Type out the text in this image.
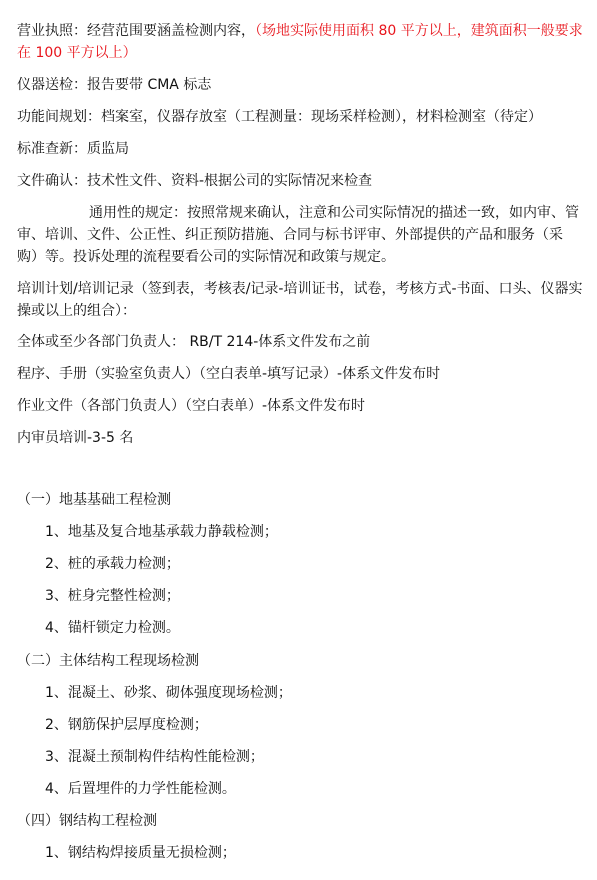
营业执照：经营范围要涵盖检测内容，（场地实际使用面积 80 平方以上，建筑面积一般要求在 100 平方以上）
仪器送检：报告要带 CMA 标志
功能间规划：档案室，仪器存放室（工程测量：现场采样检测），材料检测室（待定）
标准查新：质监局
文件确认：技术性文件、资料-根据公司的实际情况来检查
通用性的规定：按照常规来确认，注意和公司实际情况的描述一致，如内审、管审、培训、文件、公正性、纠正预防措施、合同与标书评审、外部提供的产品和服务（采购）等。投诉处理的流程要看公司的实际情况和政策与规定。
培训计划/培训记录（签到表，考核表/记录-培训证书，试卷，考核方式-书面、口头、仪器实操或以上的组合）：
全体或至少各部门负责人： RB/T 214-体系文件发布之前
程序、手册（实验室负责人）（空白表单-填写记录）-体系文件发布时
作业文件（各部门负责人）（空白表单）-体系文件发布时
内审员培训-3-5 名
（一）地基基础工程检测
1、地基及复合地基承载力静载检测；
2、桩的承载力检测；
3、桩身完整性检测；
4、锚杆锁定力检测。
（二）主体结构工程现场检测
1、混凝土、砂浆、砌体强度现场检测；
2、钢筋保护层厚度检测；
3、混凝土预制构件结构性能检测；
4、后置埋件的力学性能检测。
（四）钢结构工程检测
1、钢结构焊接质量无损检测；
